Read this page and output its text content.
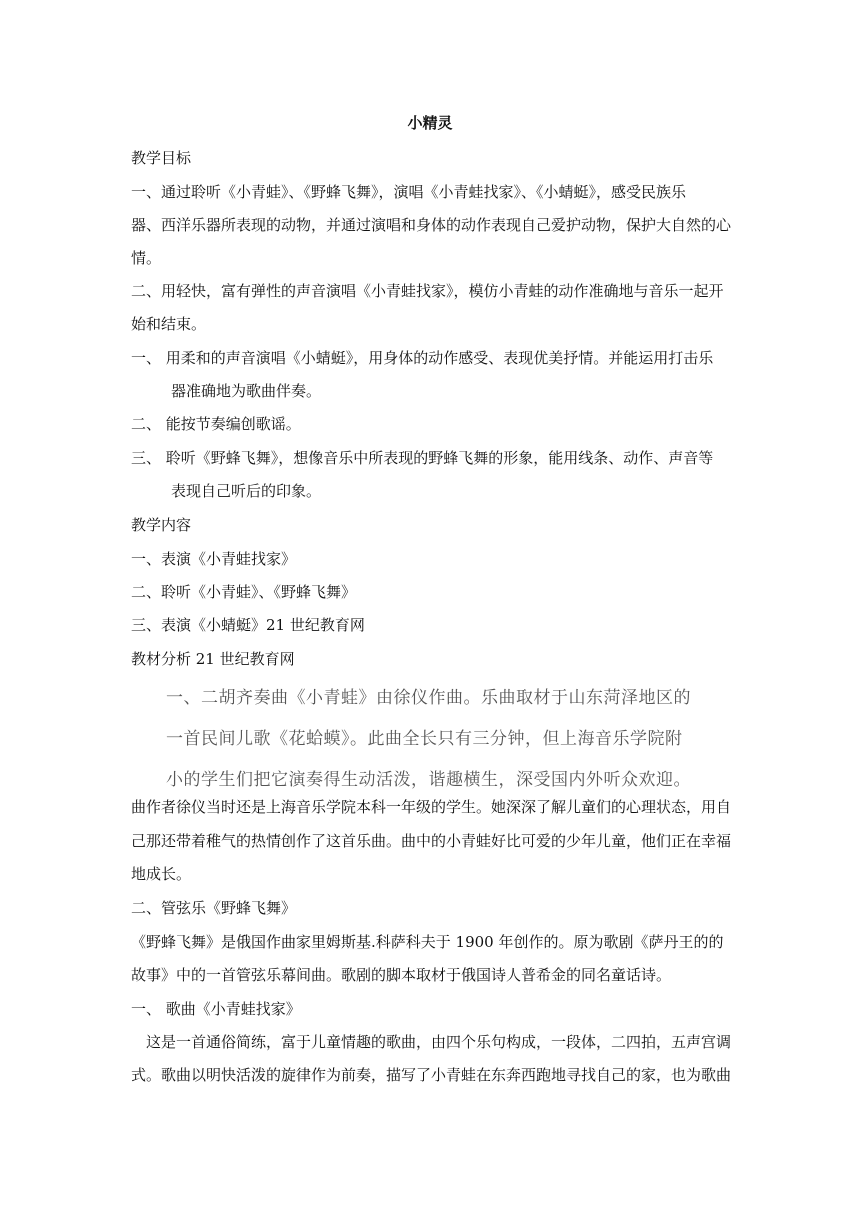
小精灵
教学目标
一、通过聆听《小青蛙》、《野蜂飞舞》，演唱《小青蛙找家》、《小蜻蜓》，感受民族乐
器、西洋乐器所表现的动物，并通过演唱和身体的动作表现自己爱护动物，保护大自然的心
情。
二、用轻快，富有弹性的声音演唱《小青蛙找家》，模仿小青蛙的动作准确地与音乐一起开
始和结束。
一、 用柔和的声音演唱《小蜻蜓》，用身体的动作感受、表现优美抒情。并能运用打击乐
器准确地为歌曲伴奏。
二、 能按节奏编创歌谣。
三、 聆听《野蜂飞舞》，想像音乐中所表现的野蜂飞舞的形象，能用线条、动作、声音等
表现自己听后的印象。
教学内容
一、表演《小青蛙找家》
二、聆听《小青蛙》、《野蜂飞舞》
三、表演《小蜻蜓》21 世纪教育网
教材分析 21 世纪教育网
一、二胡齐奏曲《小青蛙》由徐仪作曲。乐曲取材于山东菏泽地区的
一首民间儿歌《花蛤蟆》。此曲全长只有三分钟，但上海音乐学院附
小的学生们把它演奏得生动活泼，谐趣横生，深受国内外听众欢迎。
曲作者徐仪当时还是上海音乐学院本科一年级的学生。她深深了解儿童们的心理状态，用自
己那还带着稚气的热情创作了这首乐曲。曲中的小青蛙好比可爱的少年儿童，他们正在幸福
地成长。
二、管弦乐《野蜂飞舞》
《野蜂飞舞》是俄国作曲家里姆斯基.科萨科夫于 1900 年创作的。原为歌剧《萨丹王的的
故事》中的一首管弦乐幕间曲。歌剧的脚本取材于俄国诗人普希金的同名童话诗。
一、 歌曲《小青蛙找家》
这是一首通俗简练，富于儿童情趣的歌曲，由四个乐句构成，一段体，二四拍，五声宫调
式。歌曲以明快活泼的旋律作为前奏，描写了小青蛙在东奔西跑地寻找自己的家，也为歌曲
